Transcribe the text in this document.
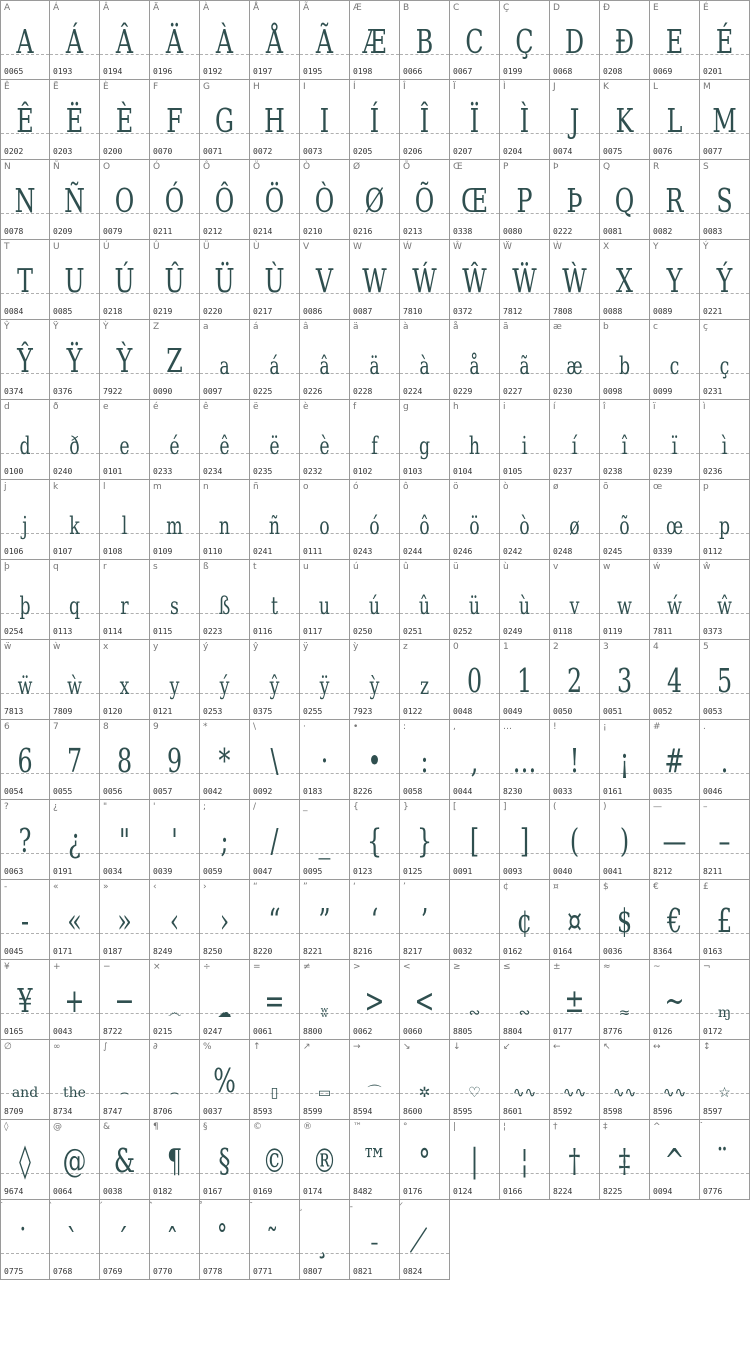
A
A
0065
Á
Á
0193
Â
Â
0194
Ä
Ä
0196
À
À
0192
Å
Å
0197
Ã
Ã
0195
Æ
Æ
0198
B
B
0066
C
C
0067
Ç
Ç
0199
D
D
0068
Đ
Đ
0208
E
E
0069
É
É
0201
Ê
Ê
0202
Ë
Ë
0203
È
È
0200
F
F
0070
G
G
0071
H
H
0072
I
I
0073
Í
Í
0205
Î
Î
0206
Ï
Ï
0207
Ì
Ì
0204
J
J
0074
K
K
0075
L
L
0076
M
M
0077
N
N
0078
Ñ
Ñ
0209
O
O
0079
Ó
Ó
0211
Ô
Ô
0212
Ö
Ö
0214
Ò
Ò
0210
Ø
Ø
0216
Õ
Õ
0213
Œ
Œ
0338
P
P
0080
Þ
Þ
0222
Q
Q
0081
R
R
0082
S
S
0083
T
T
0084
U
U
0085
Ú
Ú
0218
Û
Û
0219
Ü
Ü
0220
Ù
Ù
0217
V
V
0086
W
W
0087
Ẃ
Ẃ
7810
Ŵ
Ŵ
0372
Ẅ
Ẅ
7812
Ẁ
Ẁ
7808
X
X
0088
Y
Y
0089
Ý
Ý
0221
Ŷ
Ŷ
0374
Ÿ
Ÿ
0376
Ỳ
Ỳ
7922
Z
Z
0090
a
a
0097
á
á
0225
â
â
0226
ä
ä
0228
à
à
0224
å
å
0229
ã
ã
0227
æ
æ
0230
b
b
0098
c
c
0099
ç
ç
0231
d
d
0100
ð
ð
0240
e
e
0101
é
é
0233
ê
ê
0234
ë
ë
0235
è
è
0232
f
f
0102
g
g
0103
h
h
0104
i
i
0105
í
í
0237
î
î
0238
ï
ï
0239
ì
ì
0236
j
j
0106
k
k
0107
l
l
0108
m
m
0109
n
n
0110
ñ
ñ
0241
o
o
0111
ó
ó
0243
ô
ô
0244
ö
ö
0246
ò
ò
0242
ø
ø
0248
õ
õ
0245
œ
œ
0339
p
p
0112
þ
þ
0254
q
q
0113
r
r
0114
s
s
0115
ß
ß
0223
t
t
0116
u
u
0117
ú
ú
0250
û
û
0251
ü
ü
0252
ù
ù
0249
v
v
0118
w
w
0119
ẃ
ẃ
7811
ŵ
ŵ
0373
ẅ
ẅ
7813
ẁ
ẁ
7809
x
x
0120
y
y
0121
ý
ý
0253
ŷ
ŷ
0375
ÿ
ÿ
0255
ỳ
ỳ
7923
z
z
0122
0
0
0048
1
1
0049
2
2
0050
3
3
0051
4
4
0052
5
5
0053
6
6
0054
7
7
0055
8
8
0056
9
9
0057
*
*
0042
\
\
0092
·
·
0183
•
•
8226
:
:
0058
,
,
0044
…
…
8230
!
!
0033
¡
¡
0161
#
#
0035
.
.
0046
?
?
0063
¿
¿
0191
"
"
0034
'
'
0039
;
;
0059
/
/
0047
_
_
0095
{
{
0123
}
}
0125
[
[
0091
]
]
0093
(
(
0040
)
)
0041
—
—
8212
–
–
8211
-
-
0045
«
«
0171
»
»
0187
‹
‹
8249
›
›
8250
“
“
8220
”
”
8221
‘
‘
8216
’
’
8217	0032
¢
¢
0162
¤
¤
0164
$
$
0036
€
€
8364
£
£
0163
¥
¥
0165
+
+
0043
−
−
8722
×
෴
0215
÷
☁
0247
=
=
0061
≠
ʬ
8800
>
>
0062
<
<
0060
≥
∾
8805
≤
∾
8804
±
±
0177
≈
≈
8776
~
~
0126
¬
ɱ
0172
∅
and
8709
∞
the
8734
∫
⌢
8747
∂
⌢
8706
%
%
0037
↑
▯
8593
↗
▭
8599
→
⌒
8594
↘
✲
8600
↓
♡
8595
↙
∿∿
8601
←
∿∿
8592
↖
∿∿
8598
↔
∿∿
8596
↕
☆
8597
◊
◊
9674
@
@
0064
&
&
0038
¶
¶
0182
§
§
0167
©
©
0169
®
®
0174
™
™
8482
°
°
0176
|
|
0124
¦
¦
0166
†
†
8224
‡
‡
8225
^
^
0094
̈
0776
̇
0775
̀
0768
́
0769
̂
0770
̊
0778
̃
0771
̧
0807
̵
0821
̸
0824
